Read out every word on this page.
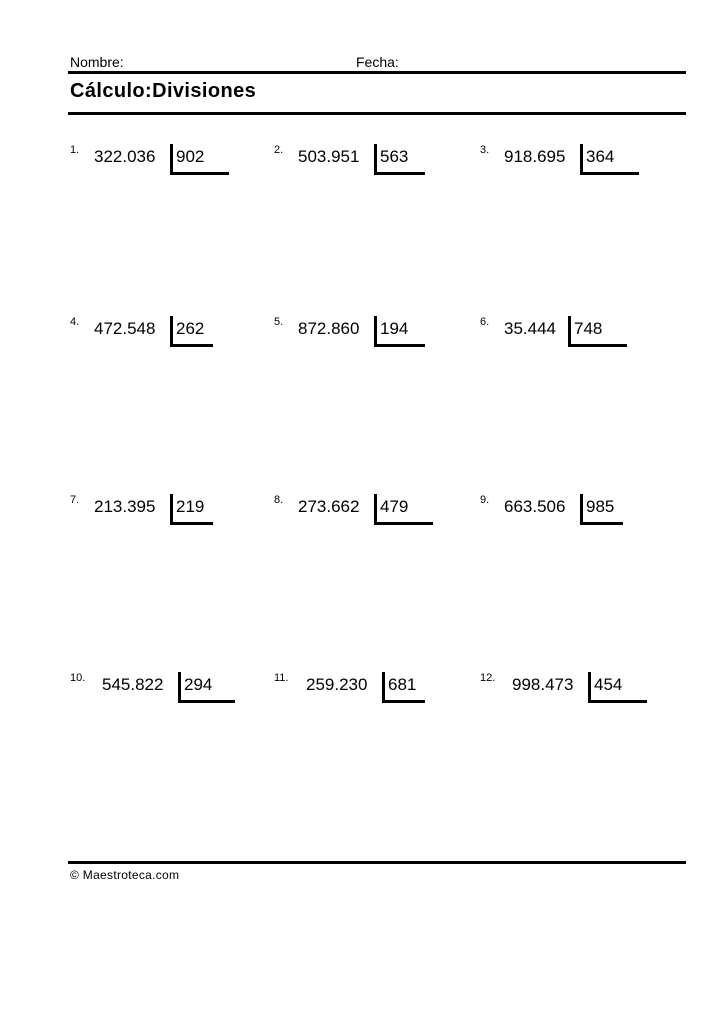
Nombre:	Fecha:
Cálculo:Divisiones
1. 322.036 902	2. 503.951 563	3. 918.695 364
4. 472.548 262	5. 872.860 194	6. 35.444 748
7. 213.395 219	8. 273.662 479	9. 663.506 985
10. 545.822 294	11. 259.230 681	12. 998.473 454
© Maestroteca.com
